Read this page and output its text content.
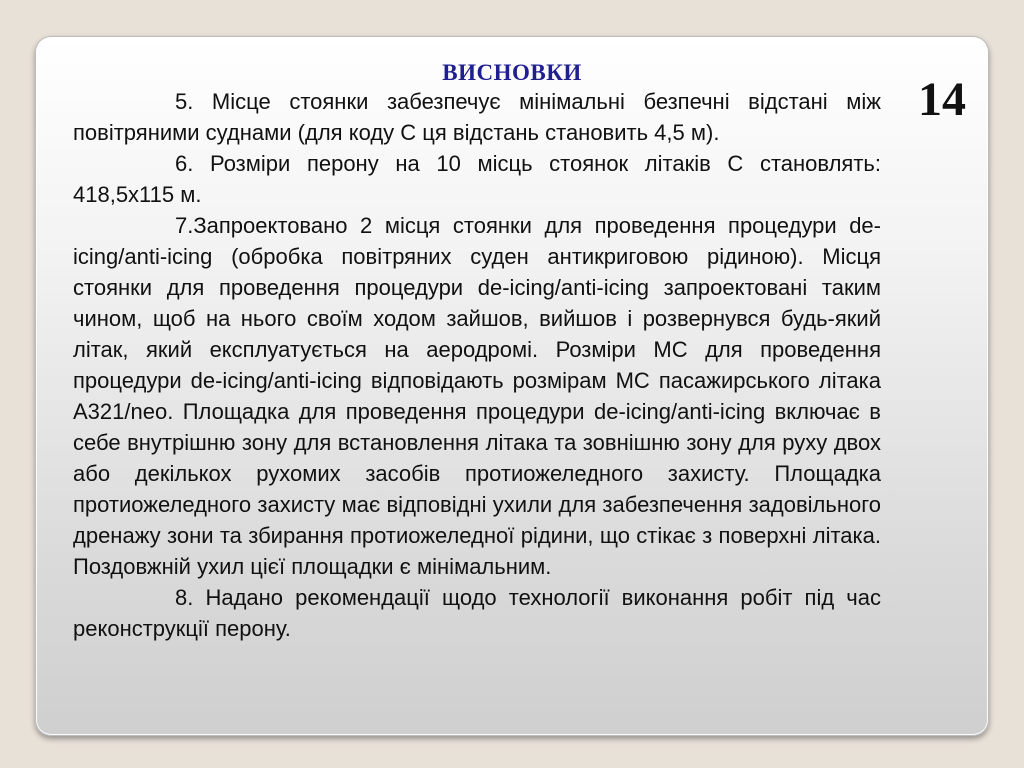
ВИСНОВКИ
14

5. Місце стоянки забезпечує мінімальні безпечні відстані між повітряними суднами (для коду С ця відстань становить 4,5 м).

6. Розміри перону на 10 місць стоянок літаків С становлять: 418,5х115 м.

7.Запроектовано 2 місця стоянки для проведення процедури de-icing/anti-icing (обробка повітряних суден антикриговою рідиною). Місця стоянки для проведення процедури de-icing/anti-icing запроектовані таким чином, щоб на нього своїм ходом зайшов, вийшов і розвернувся будь-який літак, який експлуатується на аеродромі. Розміри МС для проведення процедури de-icing/anti-icing відповідають розмірам МС пасажирського літака А321/neo. Площадка для проведення процедури de-icing/anti-icing включає в себе внутрішню зону для встановлення літака та зовнішню зону для руху двох або декількох рухомих засобів протиожеледного захисту. Площадка протиожеледного захисту має відповідні ухили для забезпечення задовільного дренажу зони та збирання протиожеледної рідини, що стікає з поверхні літака. Поздовжній ухил цієї площадки є мінімальним.

8. Надано рекомендації щодо технології виконання робіт під час реконструкції перону.
